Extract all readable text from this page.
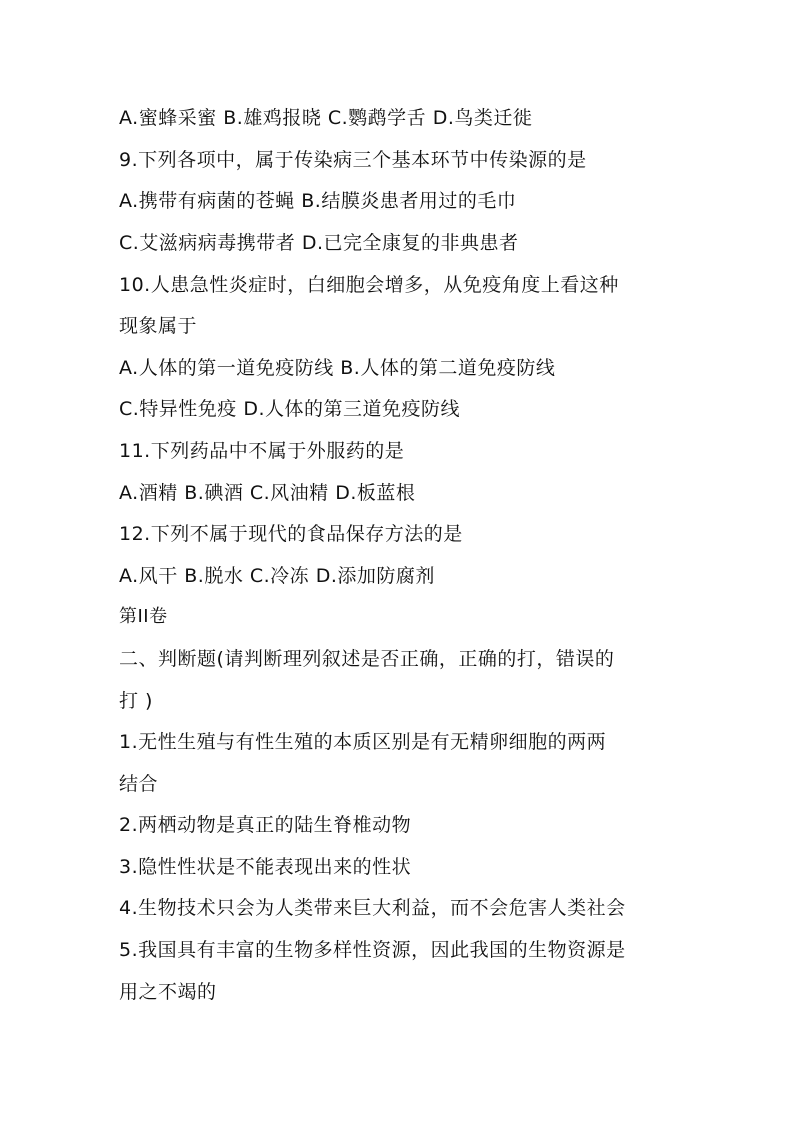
A.蜜蜂采蜜 B.雄鸡报晓 C.鹦鹉学舌 D.鸟类迁徙
9.下列各项中，属于传染病三个基本环节中传染源的是
A.携带有病菌的苍蝇 B.结膜炎患者用过的毛巾
C.艾滋病病毒携带者 D.已完全康复的非典患者
10.人患急性炎症时，白细胞会增多，从免疫角度上看这种
现象属于
A.人体的第一道免疫防线 B.人体的第二道免疫防线
C.特异性免疫 D.人体的第三道免疫防线
11.下列药品中不属于外服药的是
A.酒精 B.碘酒 C.风油精 D.板蓝根
12.下列不属于现代的食品保存方法的是
A.风干 B.脱水 C.冷冻 D.添加防腐剂
第II卷
二、判断题(请判断理列叙述是否正确，正确的打，错误的
打 )
1.无性生殖与有性生殖的本质区别是有无精卵细胞的两两
结合
2.两栖动物是真正的陆生脊椎动物
3.隐性性状是不能表现出来的性状
4.生物技术只会为人类带来巨大利益，而不会危害人类社会
5.我国具有丰富的生物多样性资源，因此我国的生物资源是
用之不竭的
